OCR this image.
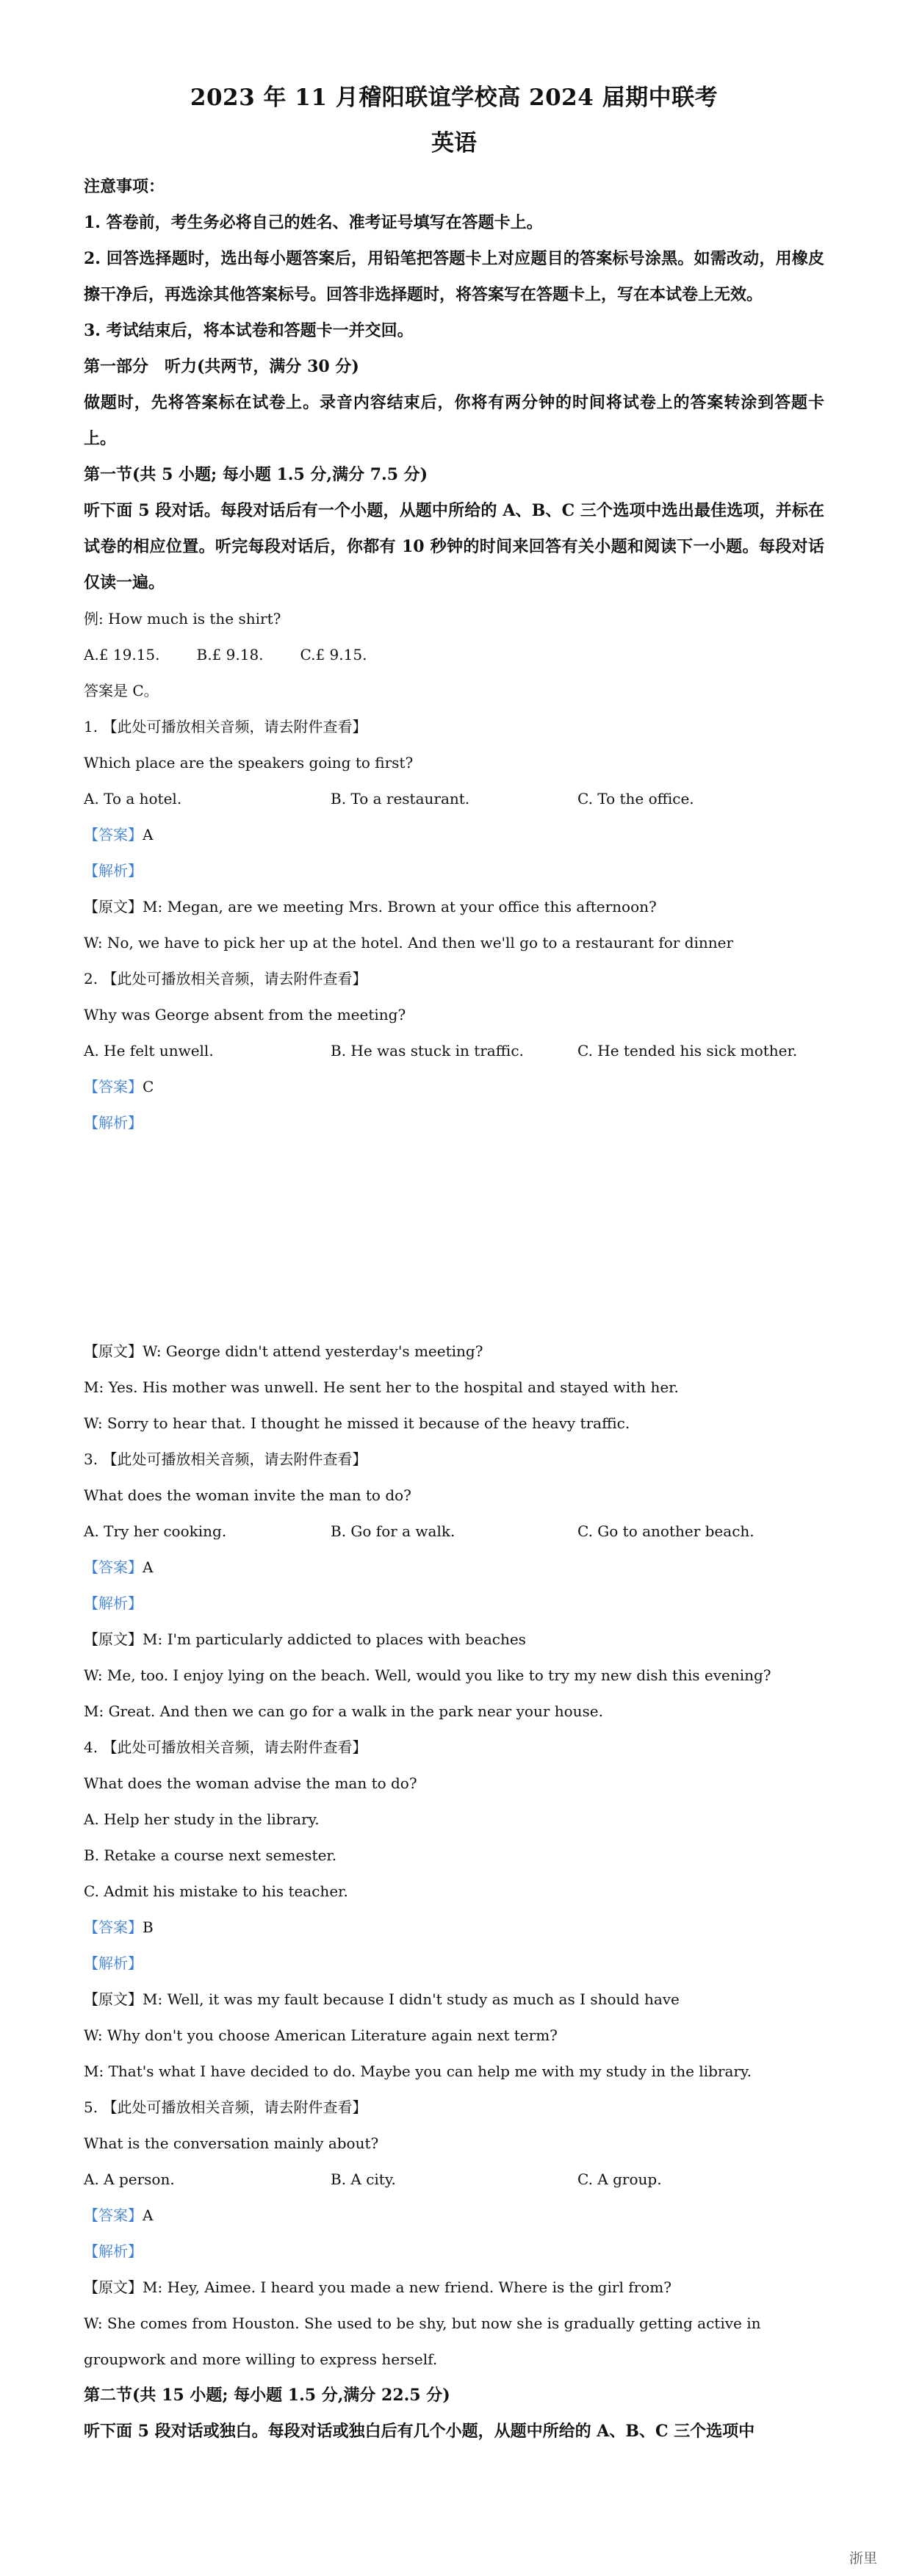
2023 年 11 月稽阳联谊学校高 2024 届期中联考
英语

注意事项：

1. 答卷前，考生务必将自己的姓名、准考证号填写在答题卡上。

2. 回答选择题时，选出每小题答案后，用铅笔把答题卡上对应题目的答案标号涂黑。如需改动，用橡皮擦干净后，再选涂其他答案标号。回答非选择题时，将答案写在答题卡上，写在本试卷上无效。

3. 考试结束后，将本试卷和答题卡一并交回。

第一部分　听力(共两节，满分 30 分)

做题时，先将答案标在试卷上。录音内容结束后，你将有两分钟的时间将试卷上的答案转涂到答题卡上。

第一节(共 5 小题; 每小题 1.5 分,满分 7.5 分)

听下面 5 段对话。每段对话后有一个小题，从题中所给的 A、B、C 三个选项中选出最佳选项，并标在试卷的相应位置。听完每段对话后，你都有 10 秒钟的时间来回答有关小题和阅读下一小题。每段对话仅读一遍。

例: How much is the shirt?

A.£ 19.15.	B.£ 9.18.	C.£ 9.15.

答案是 C。

1. 【此处可播放相关音频，请去附件查看】

Which place are the speakers going to first?

A. To a hotel.	B. To a restaurant.	C. To the office.

【答案】A

【解析】

【原文】M: Megan, are we meeting Mrs. Brown at your office this afternoon?

W: No, we have to pick her up at the hotel. And then we'll go to a restaurant for dinner

2. 【此处可播放相关音频，请去附件查看】

Why was George absent from the meeting?

A. He felt unwell.	B. He was stuck in traffic.	C. He tended his sick mother.

【答案】C

【解析】

【原文】W: George didn't attend yesterday's meeting?

M: Yes. His mother was unwell. He sent her to the hospital and stayed with her.

W: Sorry to hear that. I thought he missed it because of the heavy traffic.

3. 【此处可播放相关音频，请去附件查看】

What does the woman invite the man to do?

A. Try her cooking.	B. Go for a walk.	C. Go to another beach.

【答案】A

【解析】

【原文】M: I'm particularly addicted to places with beaches

W: Me, too. I enjoy lying on the beach. Well, would you like to try my new dish this evening?

M: Great. And then we can go for a walk in the park near your house.

4. 【此处可播放相关音频，请去附件查看】

What does the woman advise the man to do?

A. Help her study in the library.

B. Retake a course next semester.

C. Admit his mistake to his teacher.

【答案】B

【解析】

【原文】M: Well, it was my fault because I didn't study as much as I should have

W: Why don't you choose American Literature again next term?

M: That's what I have decided to do. Maybe you can help me with my study in the library.

5. 【此处可播放相关音频，请去附件查看】

What is the conversation mainly about?

A. A person.	B. A city.	C. A group.

【答案】A

【解析】

【原文】M: Hey, Aimee. I heard you made a new friend. Where is the girl from?

W: She comes from Houston. She used to be shy, but now she is gradually getting active in groupwork and more willing to express herself.

第二节(共 15 小题; 每小题 1.5 分,满分 22.5 分)

听下面 5 段对话或独白。每段对话或独白后有几个小题，从题中所给的 A、B、C 三个选项中

浙里
